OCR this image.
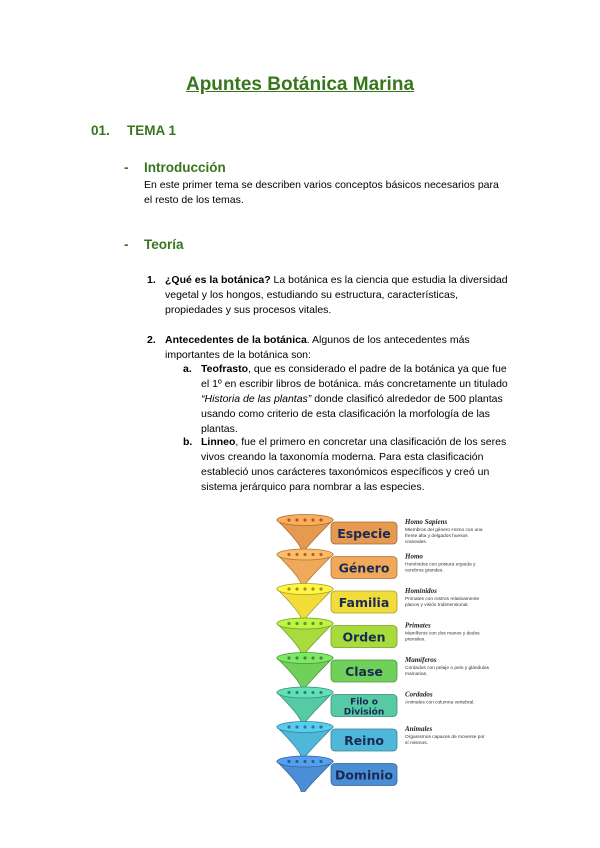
Apuntes Botánica Marina
01. TEMA 1
- Introducción
En este primer tema se describen varios conceptos básicos necesarios para
el resto de los temas.
- Teoría
1. ¿Qué es la botánica? La botánica es la ciencia que estudia la diversidad
vegetal y los hongos, estudiando su estructura, características,
propiedades y sus procesos vitales.
2. Antecedentes de la botánica. Algunos de los antecedentes más
importantes de la botánica son:
a. Teofrasto, que es considerado el padre de la botánica ya que fue
el 1º en escribir libros de botánica. más concretamente un titulado
“Historia de las plantas” donde clasificó alrededor de 500 plantas
usando como criterio de esta clasificación la morfología de las
plantas.
b. Linneo, fue el primero en concretar una clasificación de los seres
vivos creando la taxonomía moderna. Para esta clasificación
estableció unos carácteres taxonómicos específicos y creó un
sistema jerárquico para nombrar a las especies.
Especie
Homo Sapiens
Miembros del género Homo con una
frente alta y delgados huesos
craneales.
Género
Homo
Homínidos con postura erguida y
cerebros grandes.
Familia
Homínidos
Primates con rostros relativamente
planos y visión tridimensional.
Orden
Primates
Mamíferos con dos manos y dedos
prensiles.
Clase
Mamíferos
Cordados con pelaje o pelo y glándulas
mamarias.
Filo o
División
Cordados
Animales con columna vertebral.
Reino
Animales
Organismos capaces de moverse por
sí mismos.
Dominio
